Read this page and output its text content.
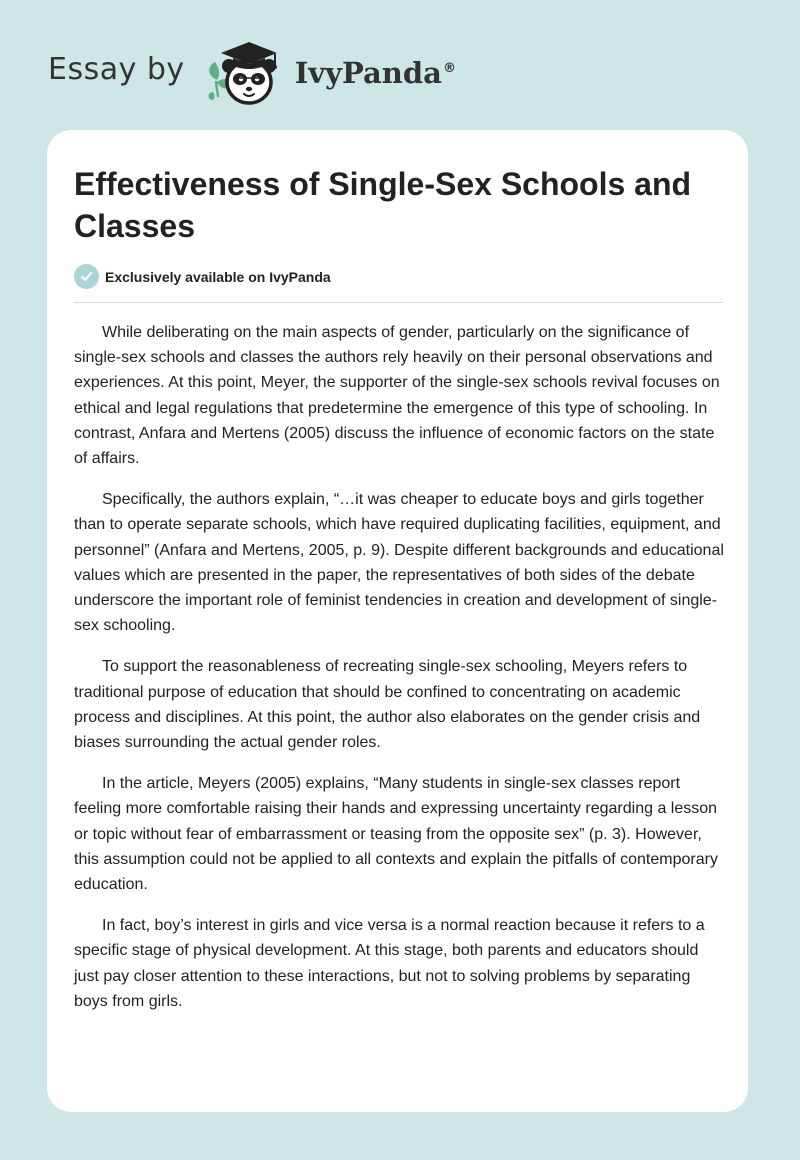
Essay by	IvyPanda®
Effectiveness of Single-Sex Schools and Classes
Exclusively available on IvyPanda

While deliberating on the main aspects of gender, particularly on the significance of single-sex schools and classes the authors rely heavily on their personal observations and experiences. At this point, Meyer, the supporter of the single-sex schools revival focuses on ethical and legal regulations that predetermine the emergence of this type of schooling. In contrast, Anfara and Mertens (2005) discuss the influence of economic factors on the state of affairs.

Specifically, the authors explain, “…it was cheaper to educate boys and girls together than to operate separate schools, which have required duplicating facilities, equipment, and personnel” (Anfara and Mertens, 2005, p. 9). Despite different backgrounds and educational values which are presented in the paper, the representatives of both sides of the debate underscore the important role of feminist tendencies in creation and development of single-sex schooling.

To support the reasonableness of recreating single-sex schooling, Meyers refers to traditional purpose of education that should be confined to concentrating on academic process and disciplines. At this point, the author also elaborates on the gender crisis and biases surrounding the actual gender roles.

In the article, Meyers (2005) explains, “Many students in single-sex classes report feeling more comfortable raising their hands and expressing uncertainty regarding a lesson or topic without fear of embarrassment or teasing from the opposite sex” (p. 3). However, this assumption could not be applied to all contexts and explain the pitfalls of contemporary education.

In fact, boy’s interest in girls and vice versa is a normal reaction because it refers to a specific stage of physical development. At this stage, both parents and educators should just pay closer attention to these interactions, but not to solving problems by separating boys from girls.
